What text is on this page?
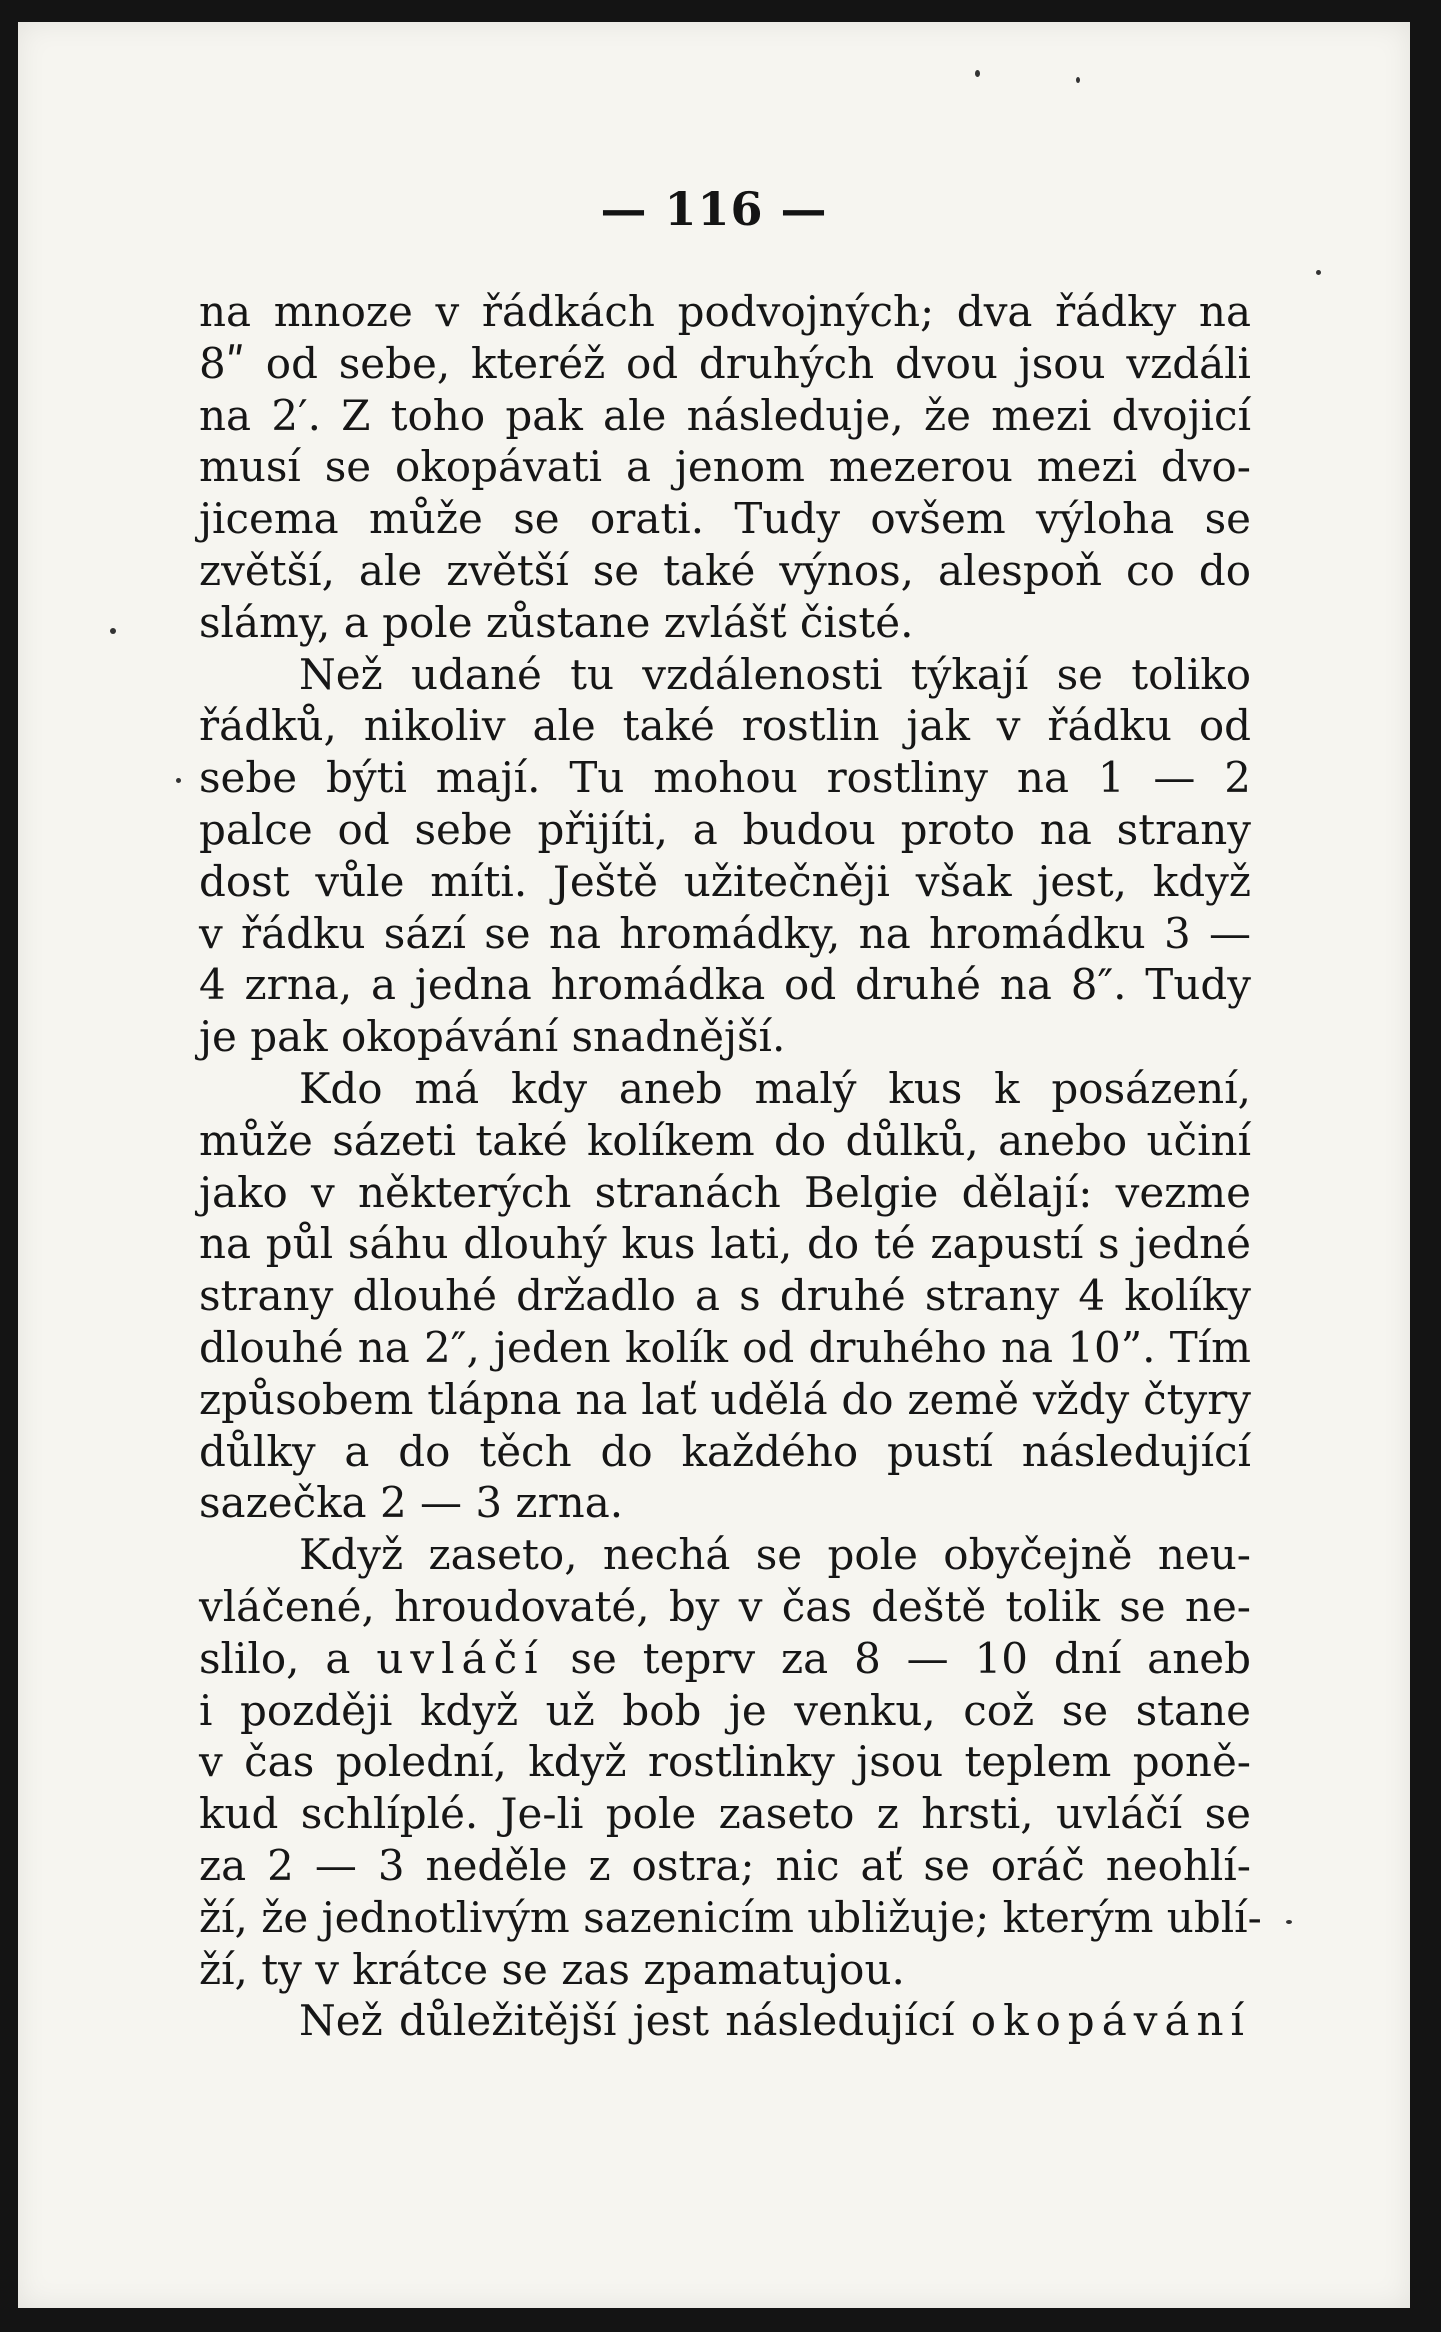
— 116 —
na mnoze v řádkách podvojných; dva řádky na
8ʺ od sebe, kteréž od druhých dvou jsou vzdáli
na 2′. Z toho pak ale následuje, že mezi dvojicí
musí se okopávati a jenom mezerou mezi dvo-
jicema může se orati. Tudy ovšem výloha se
zvětší, ale zvětší se také výnos, alespoň co do
slámy, a pole zůstane zvlášť čisté.
Než udané tu vzdálenosti týkají se toliko
řádků, nikoliv ale také rostlin jak v řádku od
sebe býti mají. Tu mohou rostliny na 1 — 2
palce od sebe přijíti, a budou proto na strany
dost vůle míti. Ještě užitečněji však jest, když
v řádku sází se na hromádky, na hromádku 3 —
4 zrna, a jedna hromádka od druhé na 8″. Tudy
je pak okopávání snadnější.
Kdo má kdy aneb malý kus k posázení,
může sázeti také kolíkem do důlků, anebo učiní
jako v některých stranách Belgie dělají: vezme
na půl sáhu dlouhý kus lati, do té zapustí s jedné
strany dlouhé držadlo a s druhé strany 4 kolíky
dlouhé na 2″, jeden kolík od druhého na 10”. Tím
způsobem tlápna na lať udělá do země vždy čtyry
důlky a do těch do každého pustí následující
sazečka 2 — 3 zrna.
Když zaseto, nechá se pole obyčejně neu-
vláčené, hroudovaté, by v čas deště tolik se ne-
slilo, a uvláčí se teprv za 8 — 10 dní aneb
i později když už bob je venku, což se stane
v čas polední, když rostlinky jsou teplem poně-
kud schlíplé. Je-li pole zaseto z hrsti, uvláčí se
za 2 — 3 neděle z ostra; nic ať se oráč neohlí-
ží, že jednotlivým sazenicím ubližuje; kterým ublí-
ží, ty v krátce se zas zpamatujou.
Než důležitější jest následující okopávání
